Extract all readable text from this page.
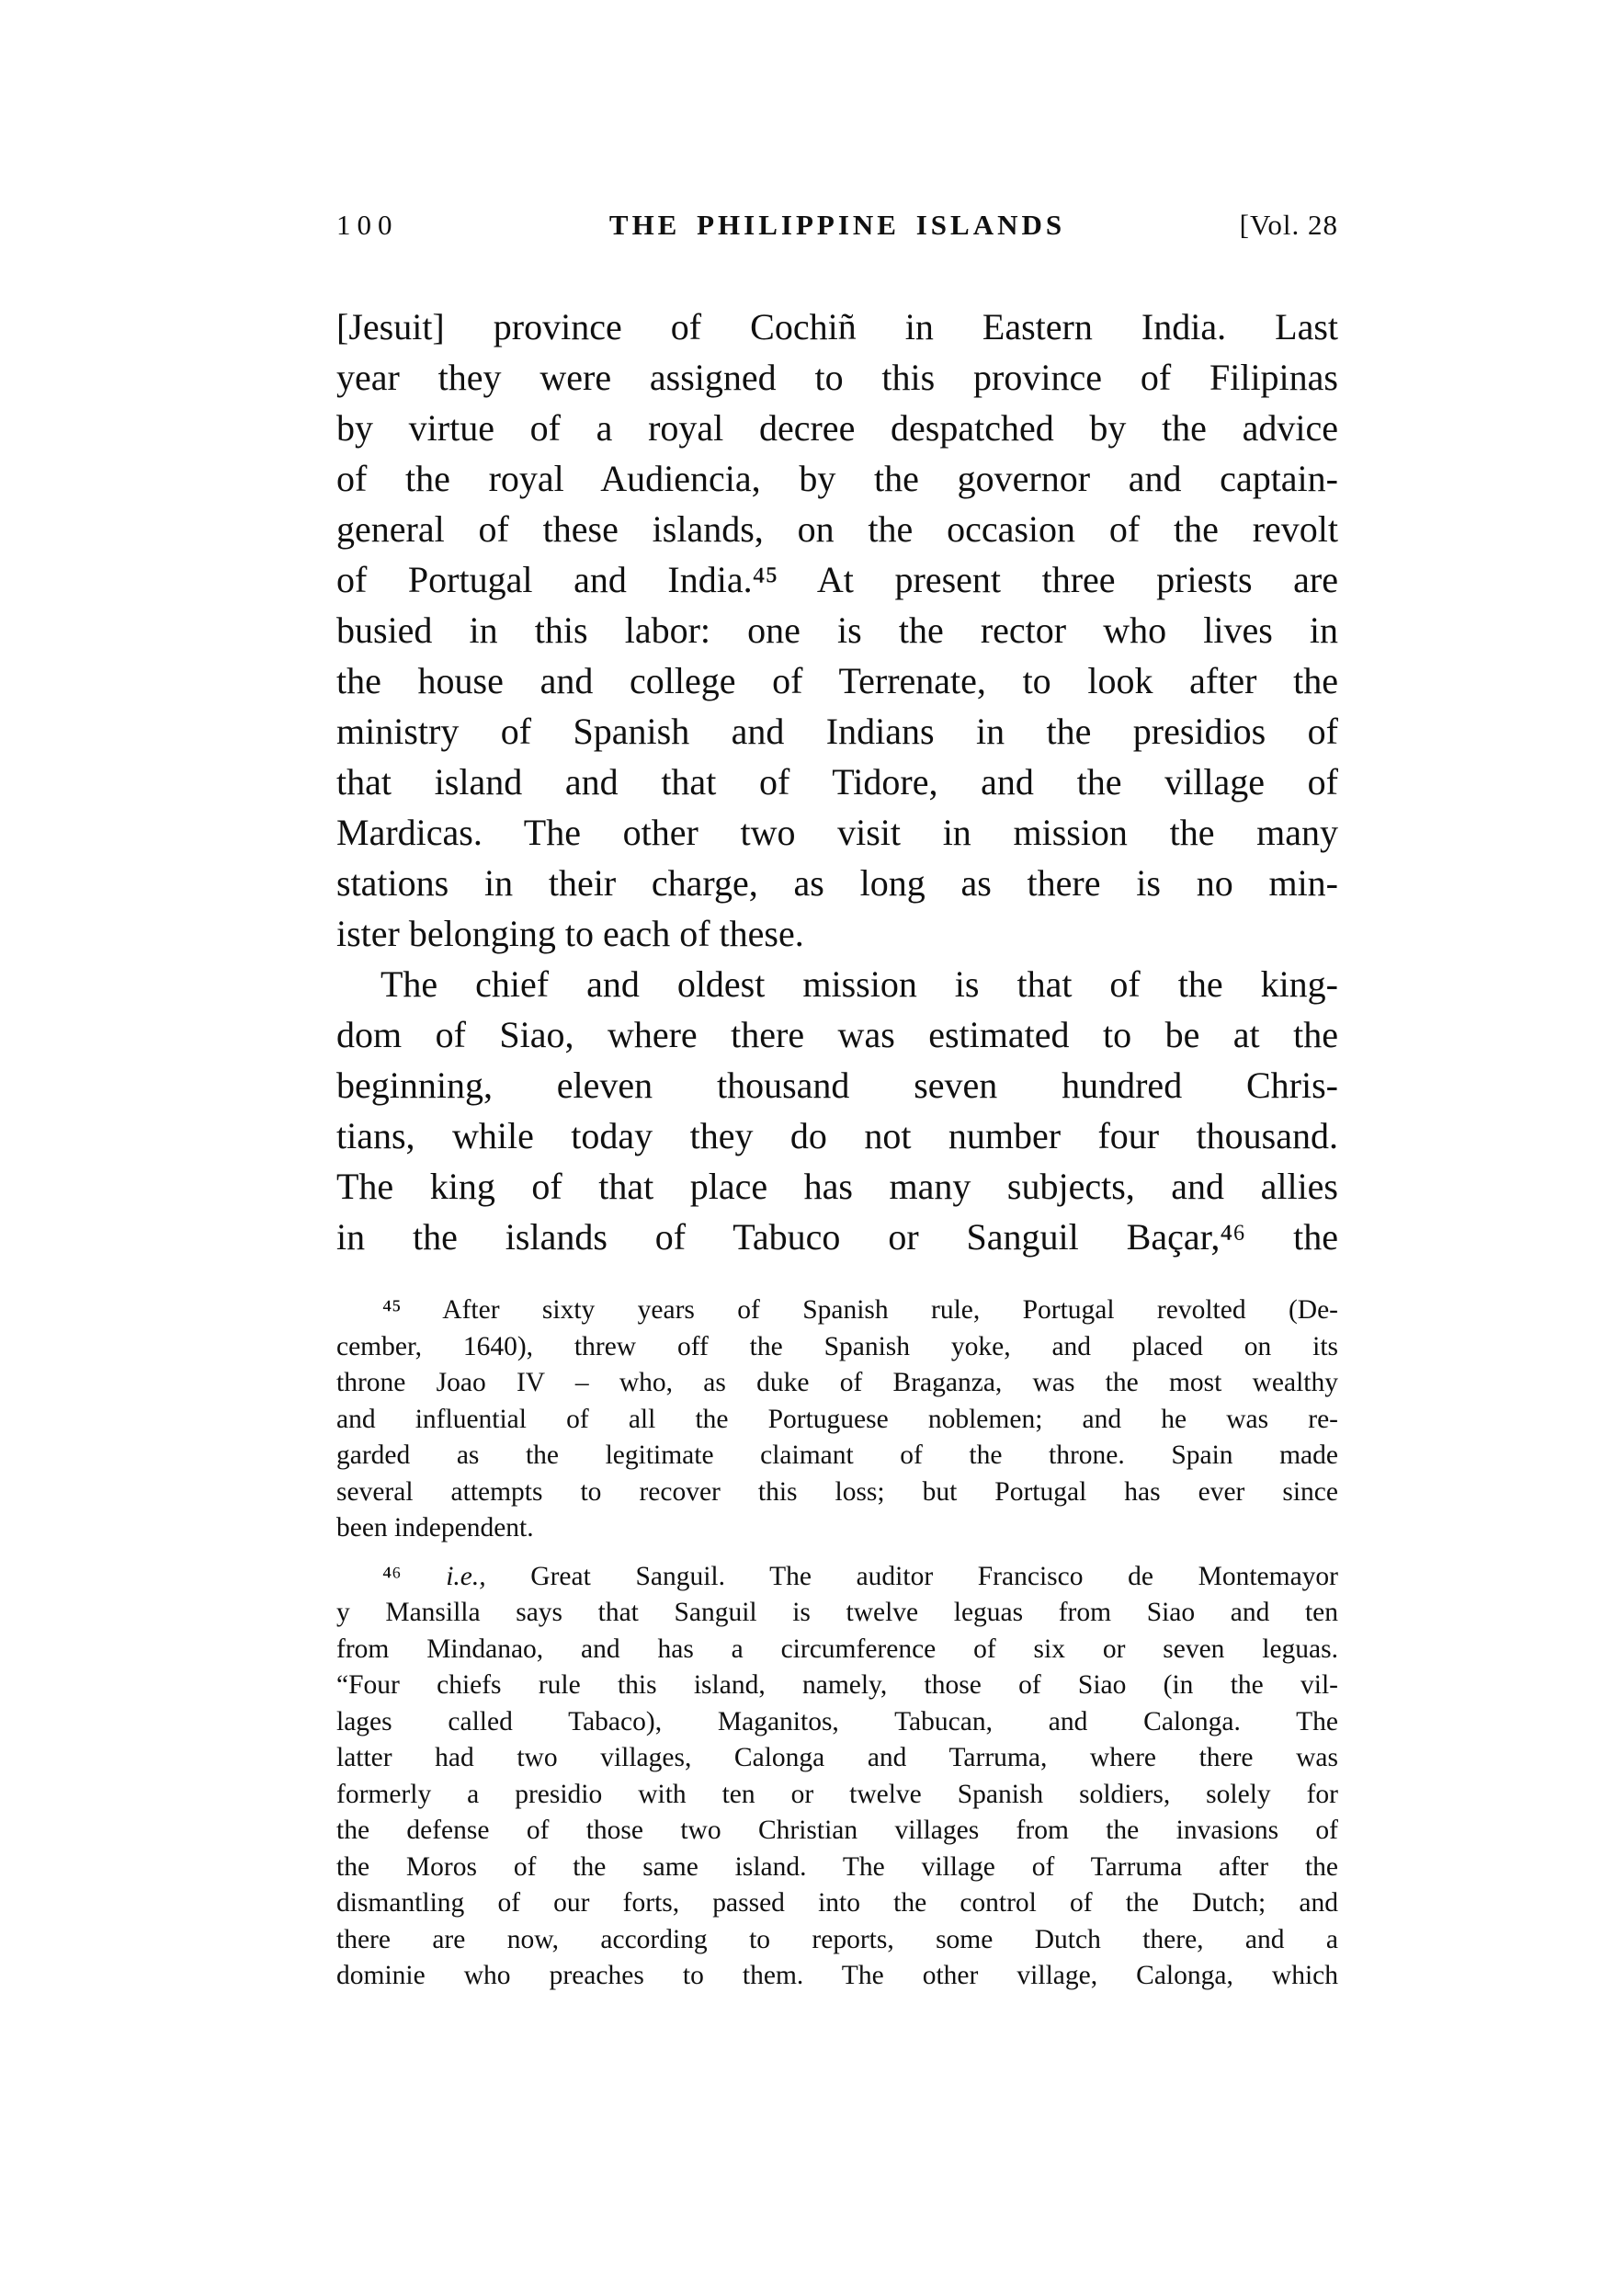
100	THE PHILIPPINE ISLANDS	[Vol. 28
[Jesuit] province of Cochiñ in Eastern India. Last
year they were assigned to this province of Filipinas
by virtue of a royal decree despatched by the advice
of the royal Audiencia, by the governor and captain-
general of these islands, on the occasion of the revolt
of Portugal and India.⁴⁵ At present three priests are
busied in this labor: one is the rector who lives in
the house and college of Terrenate, to look after the
ministry of Spanish and Indians in the presidios of
that island and that of Tidore, and the village of
Mardicas. The other two visit in mission the many
stations in their charge, as long as there is no min-
ister belonging to each of these.
The chief and oldest mission is that of the king-
dom of Siao, where there was estimated to be at the
beginning, eleven thousand seven hundred Chris-
tians, while today they do not number four thousand.
The king of that place has many subjects, and allies
in the islands of Tabuco or Sanguil Baçar,⁴⁶ the
⁴⁵ After sixty years of Spanish rule, Portugal revolted (De-
cember, 1640), threw off the Spanish yoke, and placed on its
throne Joao IV – who, as duke of Braganza, was the most wealthy
and influential of all the Portuguese noblemen; and he was re-
garded as the legitimate claimant of the throne. Spain made
several attempts to recover this loss; but Portugal has ever since
been independent.
⁴⁶ i.e., Great Sanguil. The auditor Francisco de Montemayor
y Mansilla says that Sanguil is twelve leguas from Siao and ten
from Mindanao, and has a circumference of six or seven leguas.
“Four chiefs rule this island, namely, those of Siao (in the vil-
lages called Tabaco), Maganitos, Tabucan, and Calonga. The
latter had two villages, Calonga and Tarruma, where there was
formerly a presidio with ten or twelve Spanish soldiers, solely for
the defense of those two Christian villages from the invasions of
the Moros of the same island. The village of Tarruma after the
dismantling of our forts, passed into the control of the Dutch; and
there are now, according to reports, some Dutch there, and a
dominie who preaches to them. The other village, Calonga, which
